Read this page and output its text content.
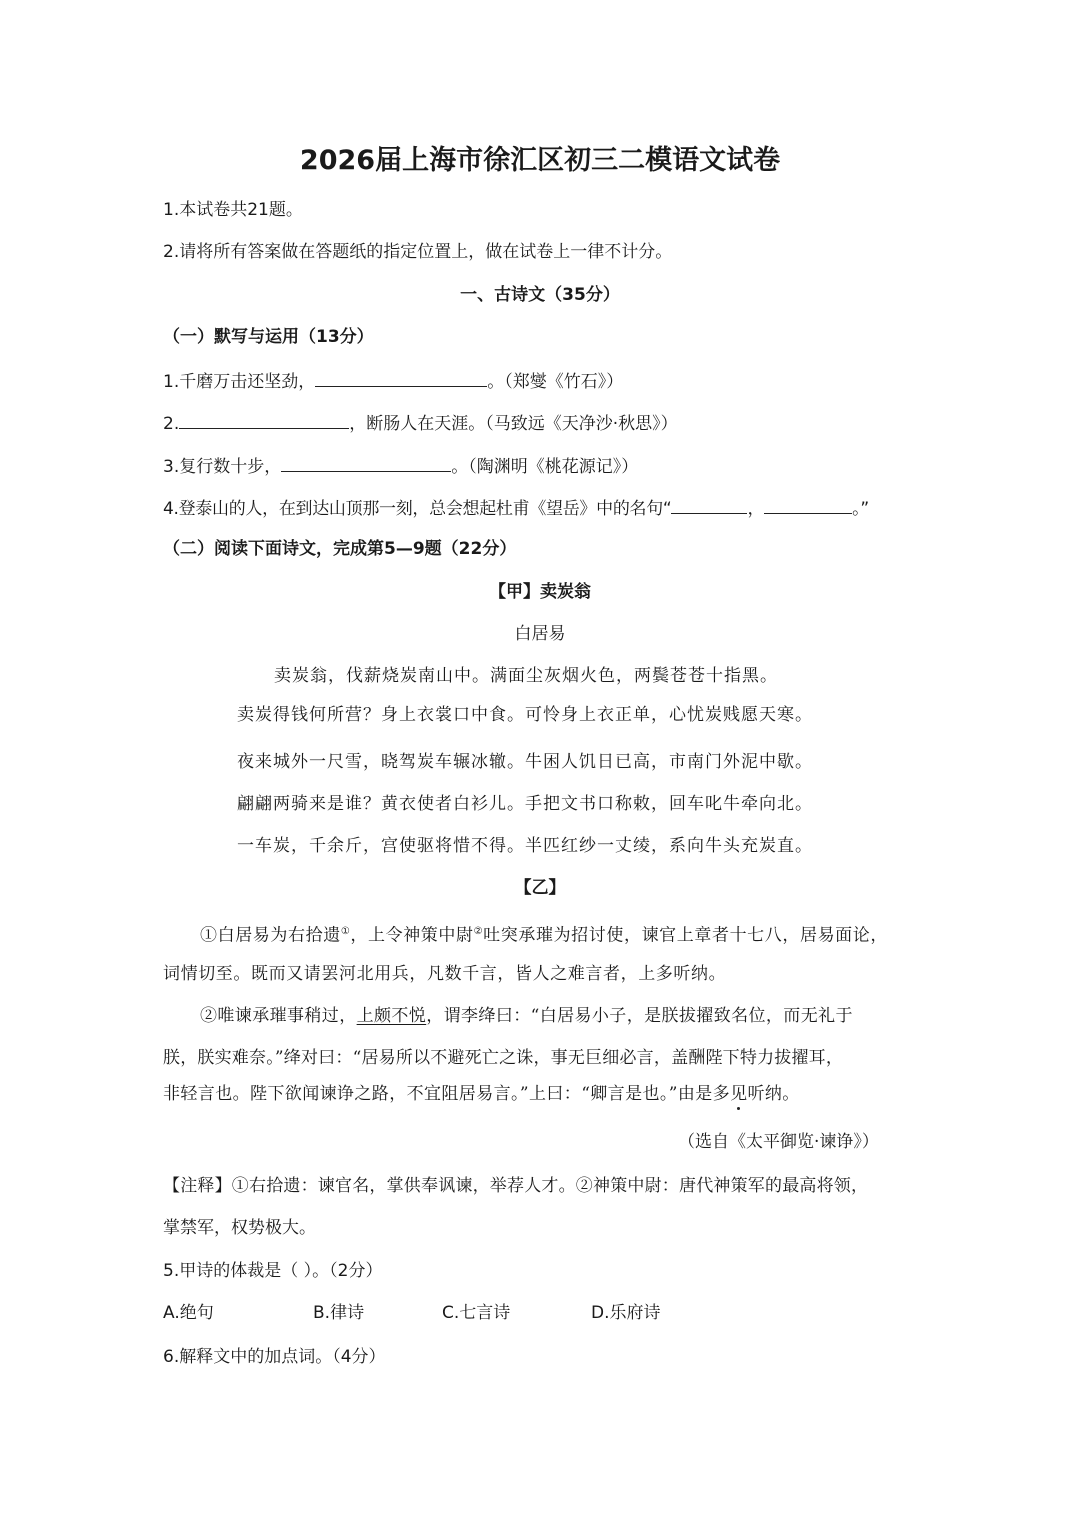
2026届上海市徐汇区初三二模语文试卷
1.本试卷共21题。
2.请将所有答案做在答题纸的指定位置上，做在试卷上一律不计分。
一、古诗文（35分）
（一）默写与运用（13分）
1.千磨万击还坚劲，	。（郑燮《竹石》）
2.	，断肠人在天涯。（马致远《天净沙·秋思》）
3.复行数十步，	。（陶渊明《桃花源记》）
4.登泰山的人，在到达山顶那一刻，总会想起杜甫《望岳》中的名句“	，	。”
（二）阅读下面诗文，完成第5—9题（22分）
【甲】卖炭翁
白居易
卖炭翁，伐薪烧炭南山中。满面尘灰烟火色，两鬓苍苍十指黑。
卖炭得钱何所营？身上衣裳口中食。可怜身上衣正单，心忧炭贱愿天寒。
夜来城外一尺雪，晓驾炭车辗冰辙。牛困人饥日已高，市南门外泥中歇。
翩翩两骑来是谁？黄衣使者白衫儿。手把文书口称敕，回车叱牛牵向北。
一车炭，千余斤，宫使驱将惜不得。半匹红纱一丈绫，系向牛头充炭直。
【乙】
①白居易为右拾遗①，上令神策中尉②吐突承璀为招讨使，谏官上章者十七八，居易面论，
词情切至。既而又请罢河北用兵，凡数千言，皆人之难言者，上多听纳。
②唯谏承璀事稍过，上颇不悦，谓李绛曰：“白居易小子，是朕拔擢致名位，而无礼于
朕，朕实难奈。”绛对曰：“居易所以不避死亡之诛，事无巨细必言，盖酬陛下特力拔擢耳，
非轻言也。陛下欲闻谏诤之路，不宜阻居易言。”上曰：“卿言是也。”由是多见听纳。
（选自《太平御览·谏诤》）
【注释】①右拾遗：谏官名，掌供奉讽谏，举荐人才。②神策中尉：唐代神策军的最高将领，
掌禁军，权势极大。
5.甲诗的体裁是（ ）。（2分）
A.绝句	B.律诗	C.七言诗	D.乐府诗
6.解释文中的加点词。（4分）
